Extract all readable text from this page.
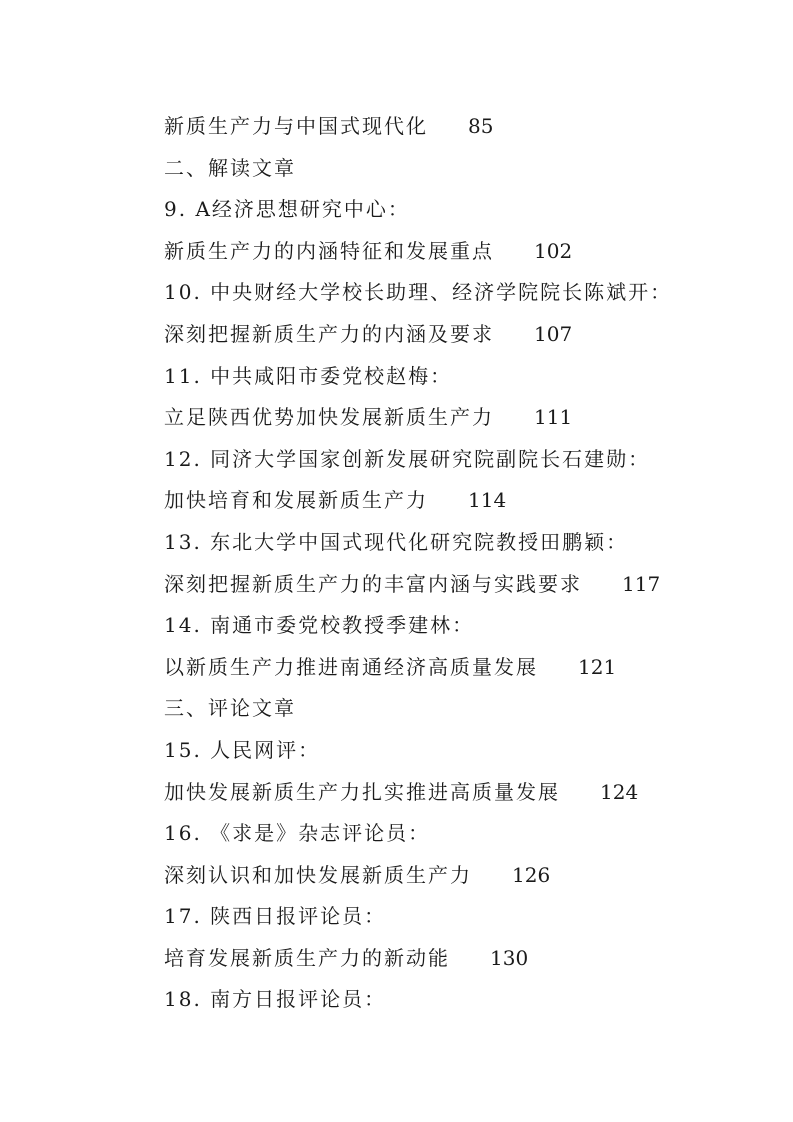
新质生产力与中国式现代化 85
二、解读文章
9. A经济思想研究中心：
新质生产力的内涵特征和发展重点 102
10. 中央财经大学校长助理、经济学院院长陈斌开：
深刻把握新质生产力的内涵及要求 107
11. 中共咸阳市委党校赵梅：
立足陕西优势加快发展新质生产力 111
12. 同济大学国家创新发展研究院副院长石建勋：
加快培育和发展新质生产力 114
13. 东北大学中国式现代化研究院教授田鹏颖：
深刻把握新质生产力的丰富内涵与实践要求 117
14. 南通市委党校教授季建林：
以新质生产力推进南通经济高质量发展 121
三、评论文章
15. 人民网评：
加快发展新质生产力扎实推进高质量发展 124
16. 《求是》杂志评论员：
深刻认识和加快发展新质生产力 126
17. 陕西日报评论员：
培育发展新质生产力的新动能 130
18. 南方日报评论员：
